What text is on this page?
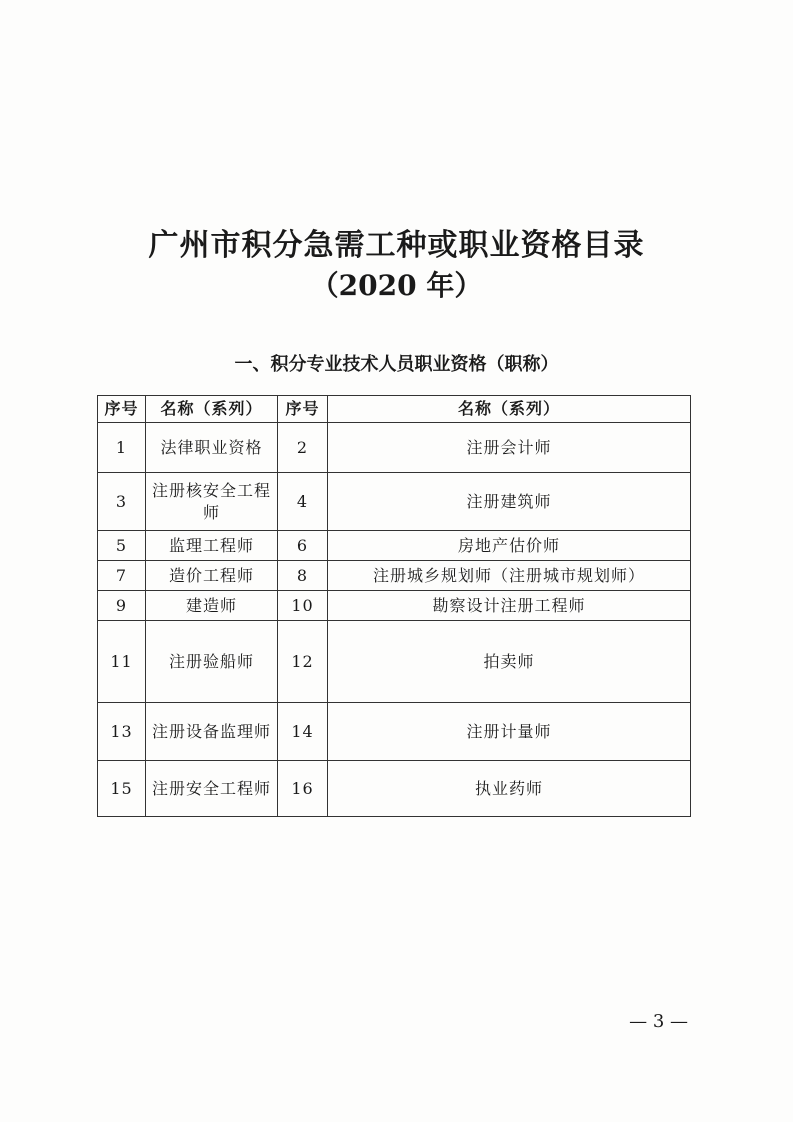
广州市积分急需工种或职业资格目录
（2020 年）
一、积分专业技术人员职业资格（职称）
序号	名称（系列）	序号	名称（系列）
1	法律职业资格	2	注册会计师
3	注册核安全工程师	4	注册建筑师
5	监理工程师	6	房地产估价师
7	造价工程师	8	注册城乡规划师（注册城市规划师）
9	建造师	10	勘察设计注册工程师
11	注册验船师	12	拍卖师
13	注册设备监理师	14	注册计量师
15	注册安全工程师	16	执业药师
— 3 —
